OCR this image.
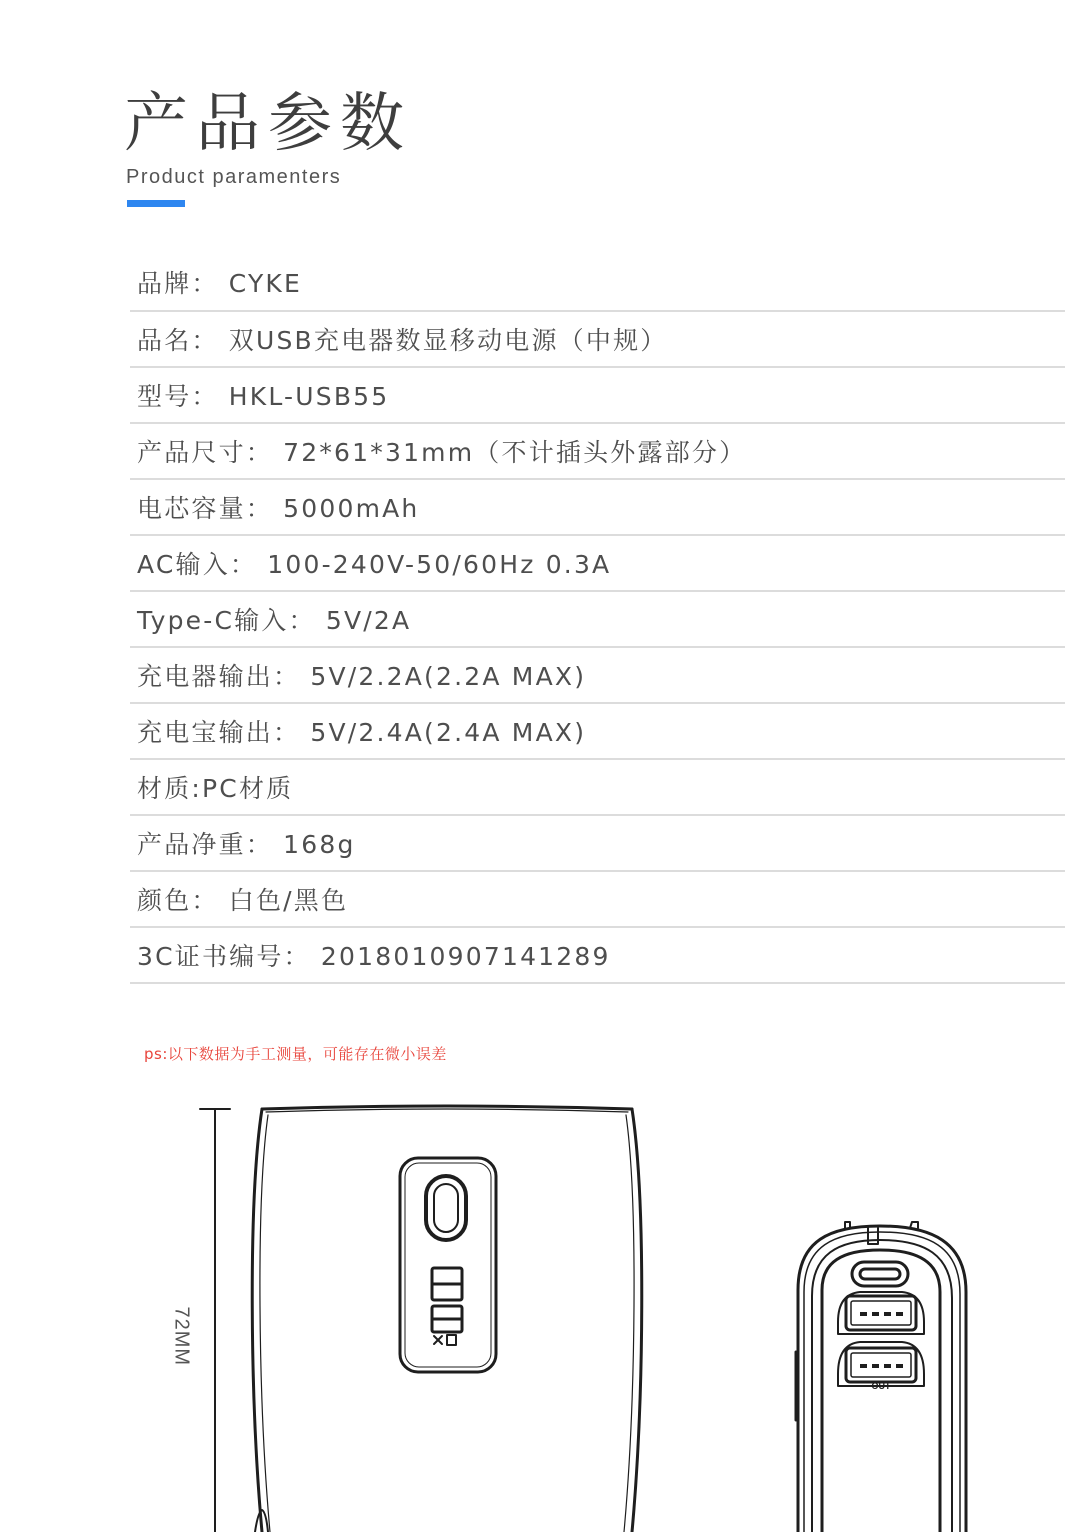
产品参数
Product paramenters
品牌： CYKE
品名： 双USB充电器数显移动电源（中规）
型号： HKL-USB55
产品尺寸： 72*61*31mm（不计插头外露部分）
电芯容量： 5000mAh
AC输入： 100-240V-50/60Hz 0.3A
Type-C输入： 5V/2A
充电器输出： 5V/2.2A(2.2A MAX)
充电宝输出： 5V/2.4A(2.4A MAX)
材质:PC材质
产品净重： 168g
颜色： 白色/黑色
3C证书编号： 2018010907141289
ps:以下数据为手工测量，可能存在微小误差
72MM
OUT
